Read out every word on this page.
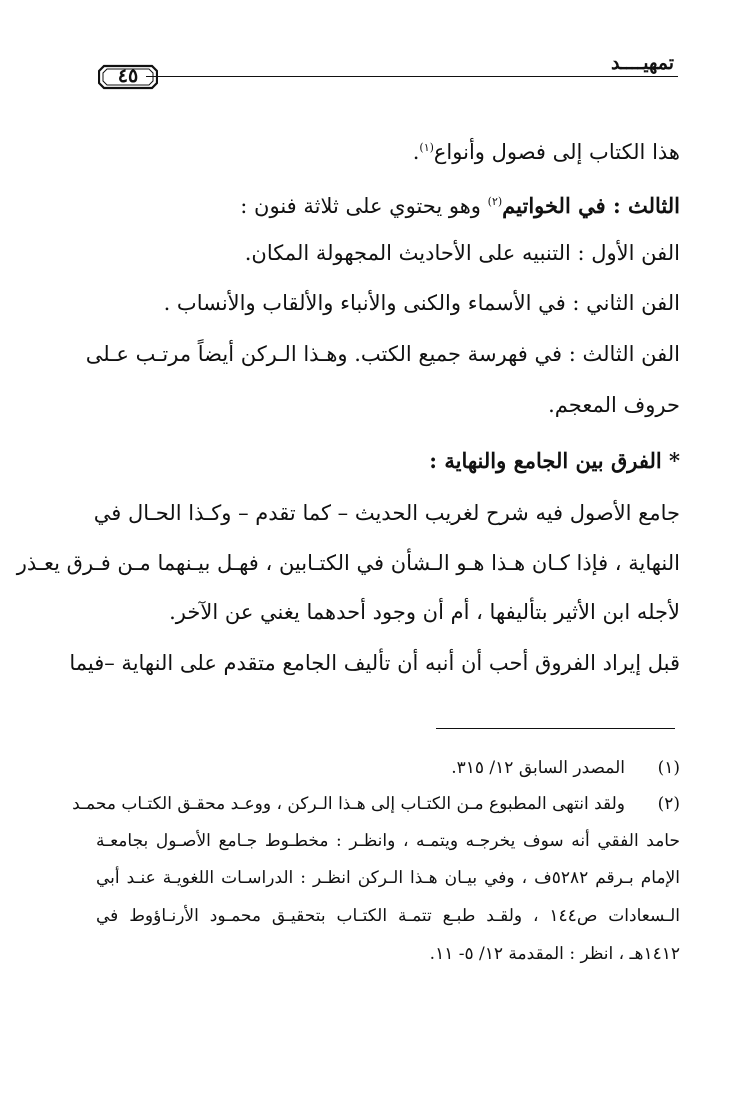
تمهيــــد
٤٥
هذا الكتاب إلى فصول وأنواع$^{(١)}$.
الثالث : في الخواتيم$^{(٢)}$ وهو يحتوي على ثلاثة فنون :
الفن الأول : التنبيه على الأحاديث المجهولة المكان.
الفن الثاني : في الأسماء والكنى والأنباء والألقاب والأنساب .
الفن الثالث : في فهرسة جميع الكتب. وهـذا الـركن أيضاً مرتـب عـلى
حروف المعجم.
* الفرق بين الجامع والنهاية :
جامع الأصول فيه شرح لغريب الحديث – كما تقدم – وكـذا الحـال في
النهاية ، فإذا كـان هـذا هـو الـشأن في الكتـابين ، فهـل بيـنهما مـن فـرق يعـذر
لأجله ابن الأثير بتأليفها ، أم أن وجود أحدهما يغني عن الآخر.
قبل إيراد الفروق أحب أن أنبه أن تأليف الجامع متقدم على النهاية –فيما
(١)
المصدر السابق ١٢/ ٣١٥.
(٢)
ولقد انتهى المطبوع مـن الكتـاب إلى هـذا الـركن ، ووعـد محقـق الكتـاب محمـد
حامد الفقي أنه سوف يخرجـه ويتمـه ، وانظـر : مخطـوط جـامع الأصـول بجامعـة
الإمام بـرقم ٥٢٨٢ف ، وفي بيـان هـذا الـركن انظـر : الدراسـات اللغويـة عنـد أبي
الـسعادات ص١٤٤ ، ولقـد طبـع تتمـة الكتـاب بتحقيـق محمـود الأرنـاؤوط في
١٤١٢هـ ، انظر : المقدمة ١٢/ ٥- ١١.
